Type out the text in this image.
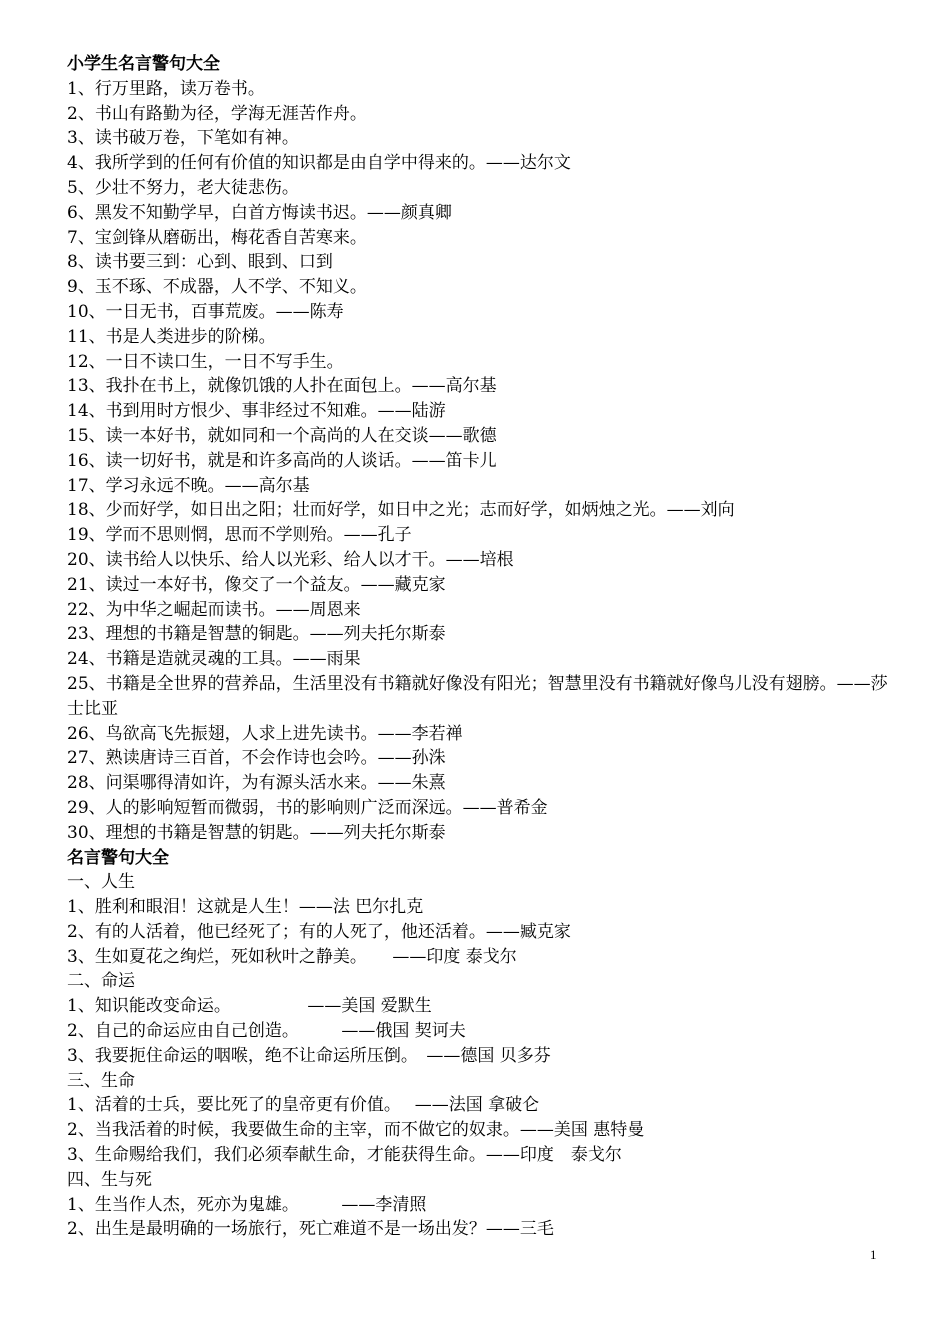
小学生名言警句大全
1、行万里路，读万卷书。
2、书山有路勤为径，学海无涯苦作舟。
3、读书破万卷，下笔如有神。
4、我所学到的任何有价值的知识都是由自学中得来的。——达尔文
5、少壮不努力，老大徒悲伤。
6、黑发不知勤学早，白首方悔读书迟。——颜真卿
7、宝剑锋从磨砺出，梅花香自苦寒来。
8、读书要三到：心到、眼到、口到
9、玉不琢、不成器，人不学、不知义。
10、一日无书，百事荒废。——陈寿
11、书是人类进步的阶梯。
12、一日不读口生，一日不写手生。
13、我扑在书上，就像饥饿的人扑在面包上。——高尔基
14、书到用时方恨少、事非经过不知难。——陆游
15、读一本好书，就如同和一个高尚的人在交谈——歌德
16、读一切好书，就是和许多高尚的人谈话。——笛卡儿
17、学习永远不晚。——高尔基
18、少而好学，如日出之阳；壮而好学，如日中之光；志而好学，如炳烛之光。——刘向
19、学而不思则惘，思而不学则殆。——孔子
20、读书给人以快乐、给人以光彩、给人以才干。——培根
21、读过一本好书，像交了一个益友。——藏克家
22、为中华之崛起而读书。——周恩来
23、理想的书籍是智慧的铜匙。——列夫托尔斯泰
24、书籍是造就灵魂的工具。——雨果
25、书籍是全世界的营养品，生活里没有书籍就好像没有阳光；智慧里没有书籍就好像鸟儿没有翅膀。——莎士比亚
26、鸟欲高飞先振翅，人求上进先读书。——李若禅
27、熟读唐诗三百首，不会作诗也会吟。——孙洙
28、问渠哪得清如许，为有源头活水来。——朱熹
29、人的影响短暂而微弱，书的影响则广泛而深远。——普希金
30、理想的书籍是智慧的钥匙。——列夫托尔斯泰
名言警句大全
一、人生
1、胜利和眼泪！这就是人生！——法 巴尔扎克
2、有的人活着，他已经死了；有的人死了，他还活着。——臧克家
3、生如夏花之绚烂，死如秋叶之静美。　　——印度 泰戈尔
二、命运
1、知识能改变命运。　　　　　——美国 爱默生
2、自己的命运应由自己创造。　　　——俄国 契诃夫
3、我要扼住命运的咽喉，绝不让命运所压倒。　——德国 贝多芬
三、生命
1、活着的士兵，要比死了的皇帝更有价值。　 ——法国 拿破仑
2、当我活着的时候，我要做生命的主宰，而不做它的奴隶。——美国 惠特曼
3、生命赐给我们，我们必须奉献生命，才能获得生命。——印度　泰戈尔
四、生与死
1、生当作人杰，死亦为鬼雄。　　　——李清照
2、出生是最明确的一场旅行，死亡难道不是一场出发？——三毛
1
